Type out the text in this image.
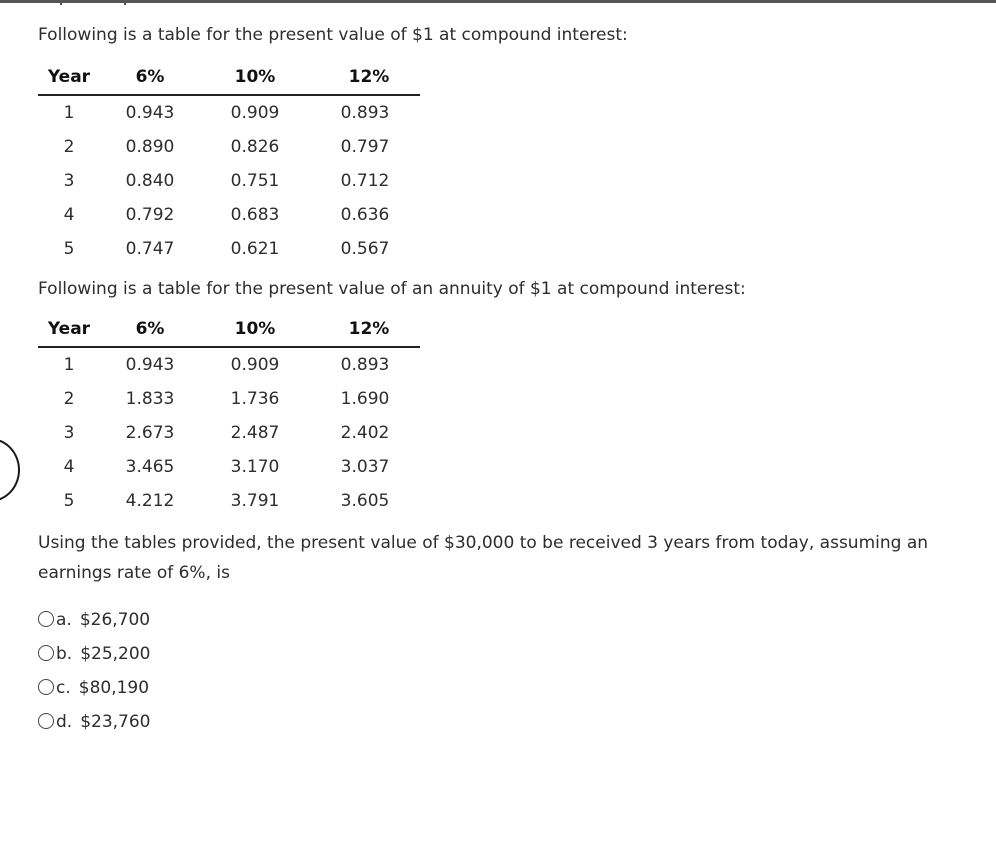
Following is a table for the present value of $1 at compound interest:

Year	6%	10%	12%
1	0.943	0.909	0.893
2	0.890	0.826	0.797
3	0.840	0.751	0.712
4	0.792	0.683	0.636
5	0.747	0.621	0.567

Following is a table for the present value of an annuity of $1 at compound interest:

Year	6%	10%	12%
1	0.943	0.909	0.893
2	1.833	1.736	1.690
3	2.673	2.487	2.402
4	3.465	3.170	3.037
5	4.212	3.791	3.605

Using the tables provided, the present value of $30,000 to be received 3 years from today, assuming an earnings rate of 6%, is

a. $26,700
b. $25,200
c. $80,190
d. $23,760
